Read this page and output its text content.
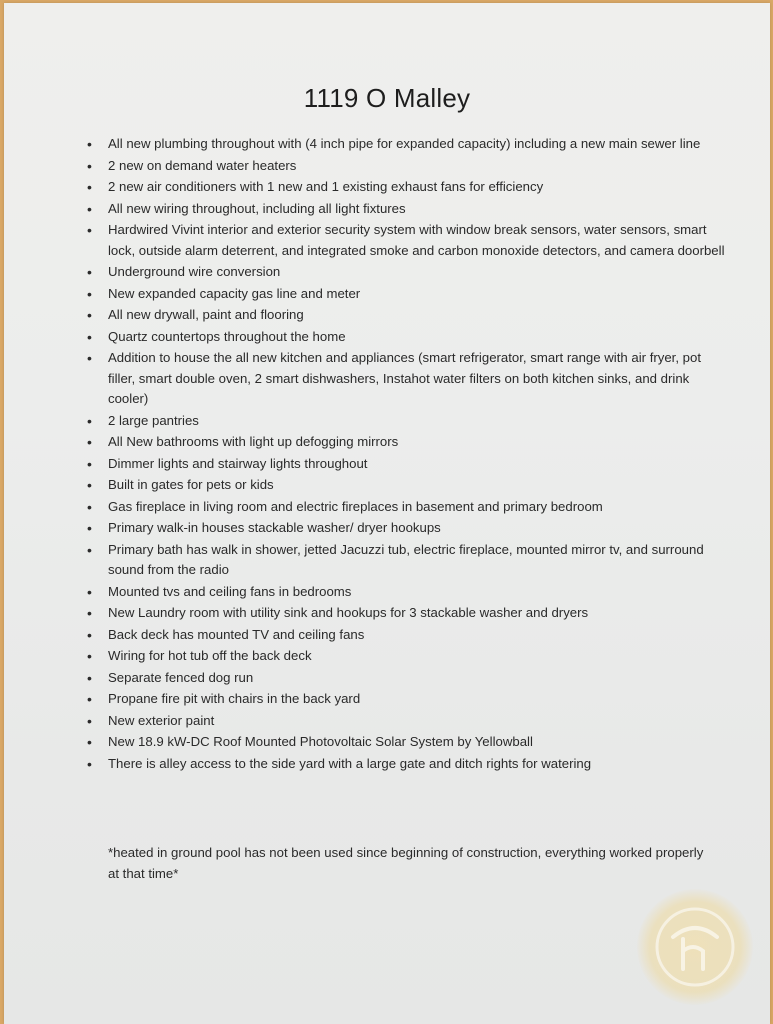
1119 O Malley
• All new plumbing throughout with (4 inch pipe for expanded capacity) including a new main sewer line
• 2 new on demand water heaters
• 2 new air conditioners with 1 new and 1 existing exhaust fans for efficiency
• All new wiring throughout, including all light fixtures
• Hardwired Vivint interior and exterior security system with window break sensors, water sensors, smart lock, outside alarm deterrent, and integrated smoke and carbon monoxide detectors, and camera doorbell
• Underground wire conversion
• New expanded capacity gas line and meter
• All new drywall, paint and flooring
• Quartz countertops throughout the home
• Addition to house the all new kitchen and appliances (smart refrigerator, smart range with air fryer, pot filler, smart double oven, 2 smart dishwashers, Instahot water filters on both kitchen sinks, and drink cooler)
• 2 large pantries
• All New bathrooms with light up defogging mirrors
• Dimmer lights and stairway lights throughout
• Built in gates for pets or kids
• Gas fireplace in living room and electric fireplaces in basement and primary bedroom
• Primary walk-in houses stackable washer/ dryer hookups
• Primary bath has walk in shower, jetted Jacuzzi tub, electric fireplace, mounted mirror tv, and surround sound from the radio
• Mounted tvs and ceiling fans in bedrooms
• New Laundry room with utility sink and hookups for 3 stackable washer and dryers
• Back deck has mounted TV and ceiling fans
• Wiring for hot tub off the back deck
• Separate fenced dog run
• Propane fire pit with chairs in the back yard
• New exterior paint
• New 18.9 kW-DC Roof Mounted Photovoltaic Solar System by Yellowball
• There is alley access to the side yard with a large gate and ditch rights for watering
*heated in ground pool has not been used since beginning of construction, everything worked properly at that time*
